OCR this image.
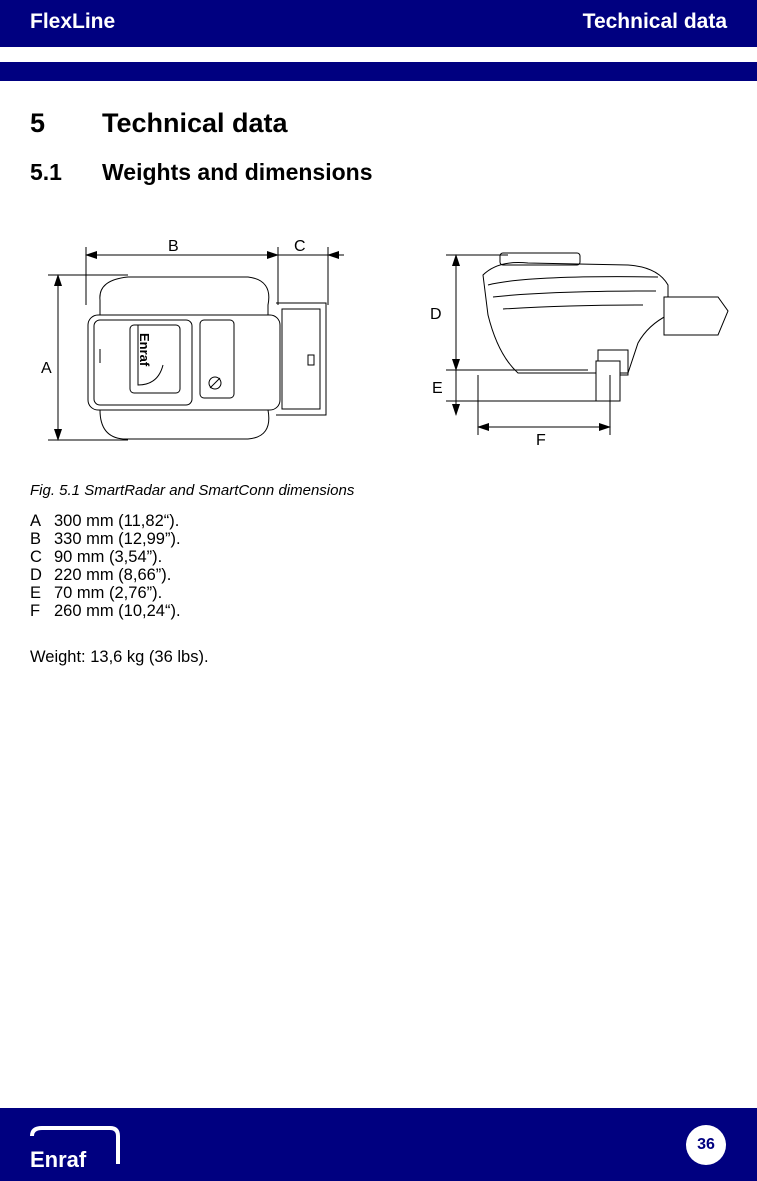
FlexLine	Technical data
5 Technical data
5.1 Weights and dimensions
Enraf
A
B	C
D
E
F
Fig. 5.1 SmartRadar and SmartConn dimensions
A 300 mm (11,82“).
B 330 mm (12,99”).
C 90 mm (3,54”).
D 220 mm (8,66”).
E 70 mm (2,76”).
F 260 mm (10,24“).
Weight: 13,6 kg (36 lbs).
Enraf
36
